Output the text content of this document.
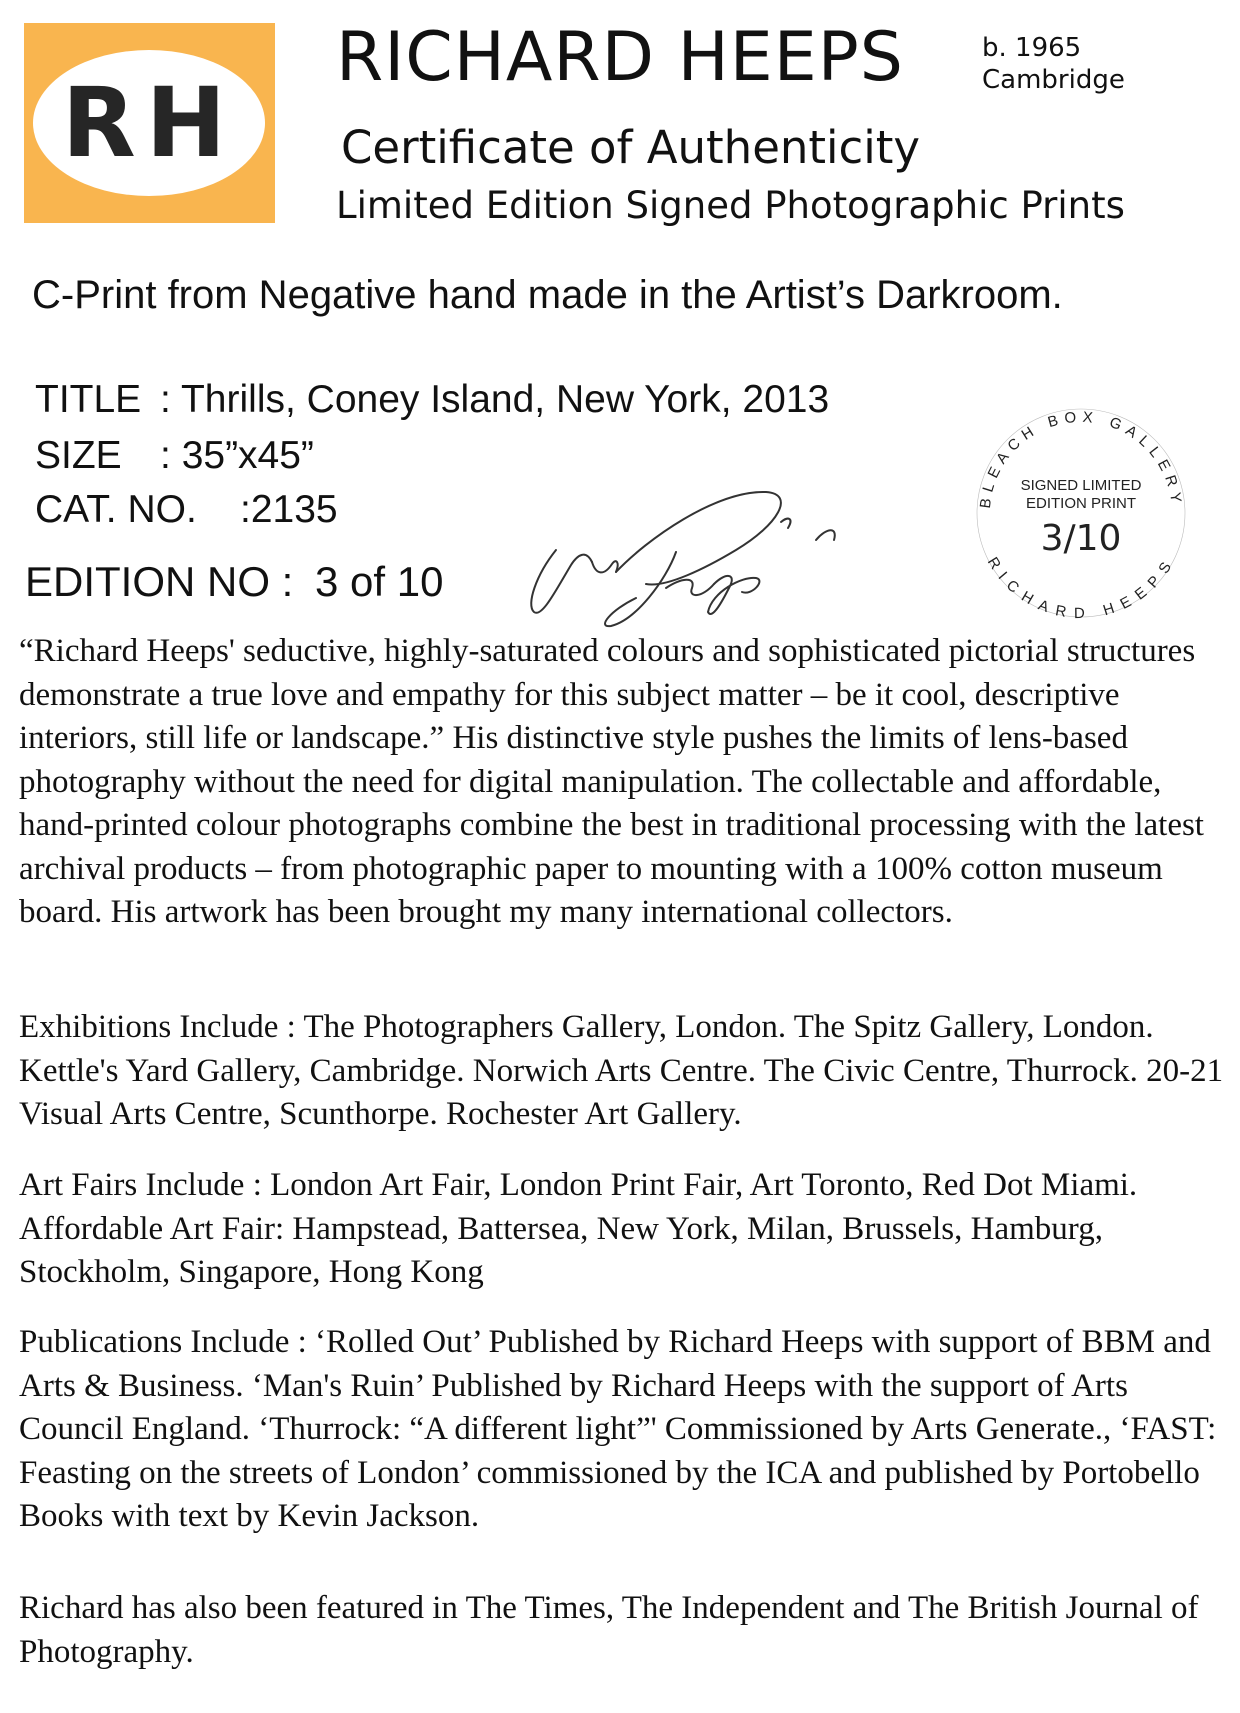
RH
RICHARD HEEPS	b. 1965
Cambridge
Certificate of Authenticity
Limited Edition Signed Photographic Prints
C-Print from Negative hand made in the Artist’s Darkroom.
TITLE : Thrills, Coney Island, New York, 2013
SIZE : 35”x45”
CAT. NO. :2135
EDITION NO : 3 of 10
BLEACH BOX GALLERY
RICHARD HEEPS
SIGNED LIMITED
EDITION PRINT
3/10

“Richard Heeps' seductive, highly-saturated colours and sophisticated pictorial structures demonstrate a true love and empathy for this subject matter – be it cool, descriptive interiors, still life or landscape.” His distinctive style pushes the limits of lens-based photography without the need for digital manipulation. The collectable and affordable, hand-printed colour photographs combine the best in traditional processing with the latest archival products – from photographic paper to mounting with a 100% cotton museum board. His artwork has been brought my many international collectors.

Exhibitions Include : The Photographers Gallery, London. The Spitz Gallery, London. Kettle's Yard Gallery, Cambridge. Norwich Arts Centre. The Civic Centre, Thurrock. 20-21 Visual Arts Centre, Scunthorpe. Rochester Art Gallery.

Art Fairs Include : London Art Fair, London Print Fair, Art Toronto, Red Dot Miami. Affordable Art Fair: Hampstead, Battersea, New York, Milan, Brussels, Hamburg, Stockholm, Singapore, Hong Kong

Publications Include : ‘Rolled Out’ Published by Richard Heeps with support of BBM and Arts & Business. ‘Man's Ruin’ Published by Richard Heeps with the support of Arts Council England. ‘Thurrock: “A different light”' Commissioned by Arts Generate., ‘FAST: Feasting on the streets of London’ commissioned by the ICA and published by Portobello Books with text by Kevin Jackson.

Richard has also been featured in The Times, The Independent and The British Journal of Photography.
